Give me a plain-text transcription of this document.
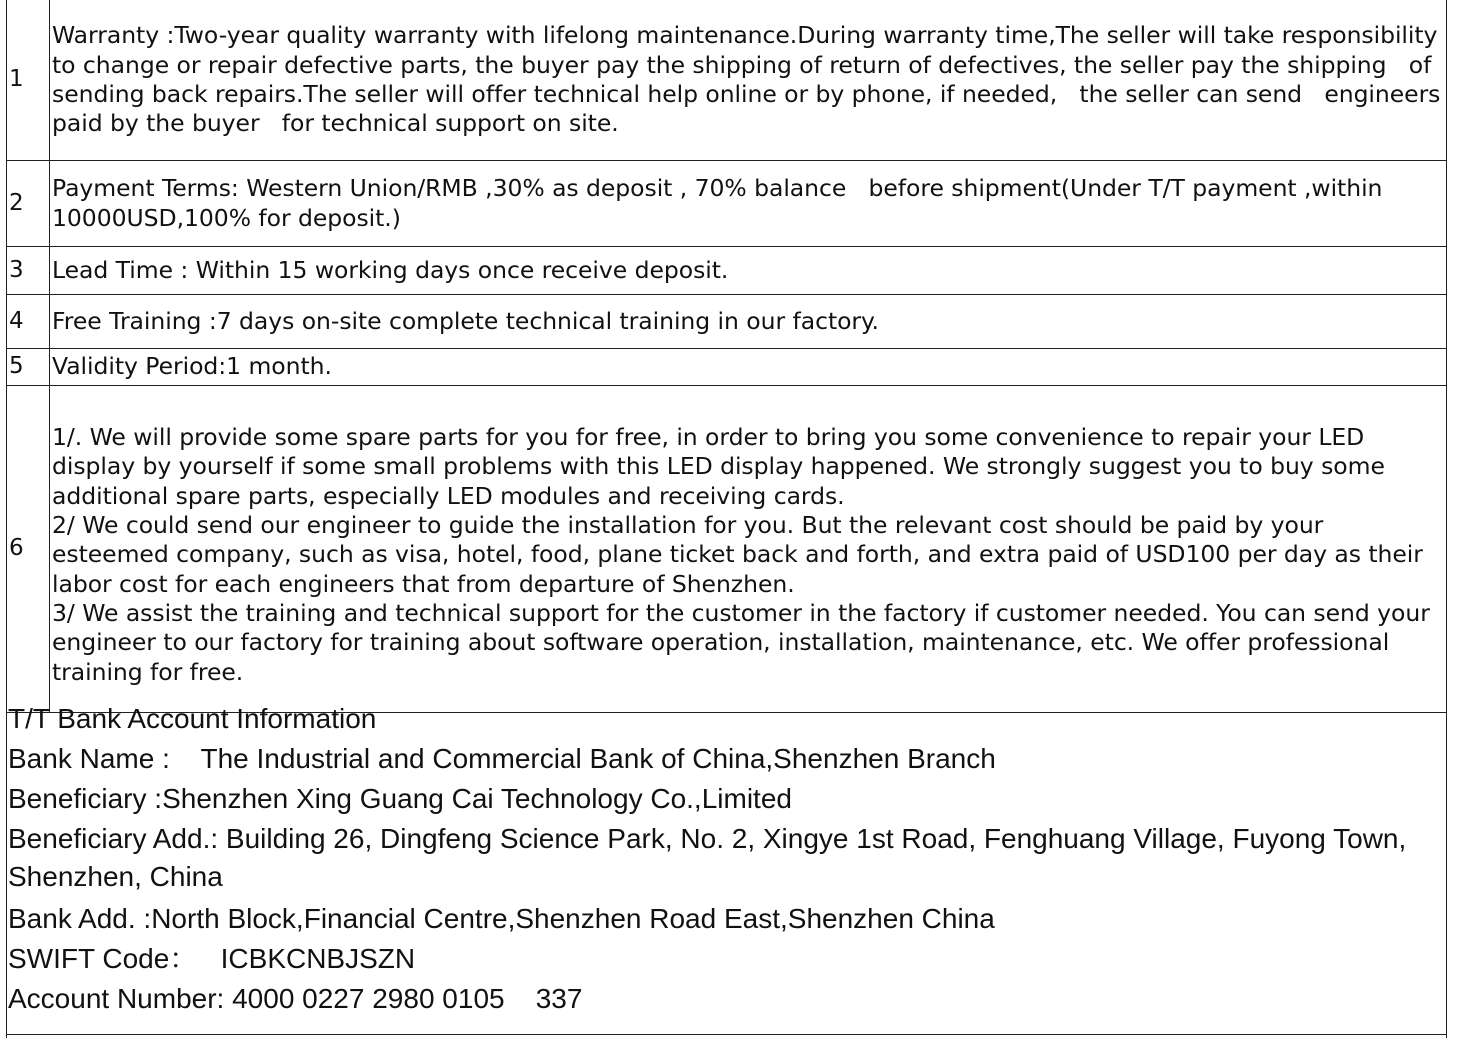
1	Warranty :Two-year quality warranty with lifelong maintenance.During warranty time,The seller will take responsibility to change or repair defective parts, the buyer pay the shipping of return of defectives, the seller pay the shipping   of sending back repairs.The seller will offer technical help online or by phone, if needed,   the seller can send   engineers paid by the buyer   for technical support on site.
2	Payment Terms: Western Union/RMB ,30% as deposit , 70% balance   before shipment(Under T/T payment ,within 10000USD,100% for deposit.)
3	Lead Time : Within 15 working days once receive deposit.
4	Free Training :7 days on-site complete technical training in our factory.
5	Validity Period:1 month.
6	1/. We will provide some spare parts for you for free, in order to bring you some convenience to repair your LED display by yourself if some small problems with this LED display happened. We strongly suggest you to buy some additional spare parts, especially LED modules and receiving cards.
2/ We could send our engineer to guide the installation for you. But the relevant cost should be paid by your esteemed company, such as visa, hotel, food, plane ticket back and forth, and extra paid of USD100 per day as their labor cost for each engineers that from departure of Shenzhen.
3/ We assist the training and technical support for the customer in the factory if customer needed. You can send your engineer to our factory for training about software operation, installation, maintenance, etc. We offer professional training for free.
T/T Bank Account Information
Bank Name :    The Industrial and Commercial Bank of China,Shenzhen Branch
Beneficiary :Shenzhen Xing Guang Cai Technology Co.,Limited
Beneficiary Add.: Building 26, Dingfeng Science Park, No. 2, Xingye 1st Road, Fenghuang Village, Fuyong Town, Shenzhen, China
Bank Add. :North Block,Financial Centre,Shenzhen Road East,Shenzhen China
SWIFT Code：   ICBKCNBJSZN
Account Number: 4000 0227 2980 0105    337
